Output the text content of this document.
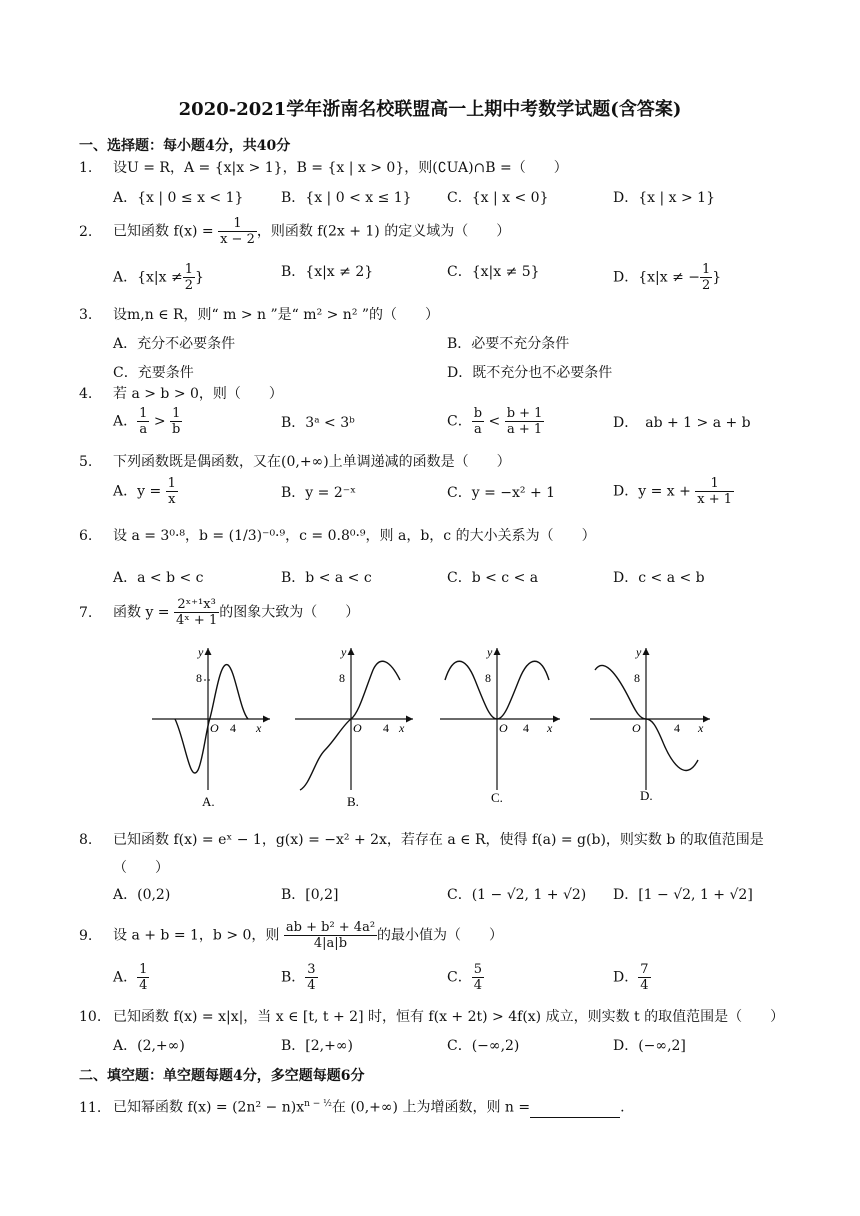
2020-2021学年浙南名校联盟高一上期中考数学试题(含答案)
一、选择题：每小题4分，共40分
1. 设U = R，A = {x|x > 1}，B = {x | x > 0}，则(∁UA)∩B =（　　）
A．{x | 0 ≤ x < 1}	B．{x | 0 < x ≤ 1}	C．{x | x < 0}	D．{x | x > 1}
2. 已知函数 $f(x) = \frac{1}{x - 2}$ ，则函数 f(2x + 1) 的定义域为（　　）
A．{$x|x \ne \frac{1}{2}$ }	B．{x|x ≠ 2}	C．{x|x ≠ 5}	D．{x|x ≠ − $\frac{1}{2}$ }
3. 设m,n ∈ R，则“ m > n ”是“ m² > n² ”的（　　）
A．充分不必要条件	B．必要不充分条件
C．充要条件	D．既不充分也不必要条件
4. 若 a > b > 0，则（　　）
A． $\frac{1}{a} > \frac{1}{b}$	B．3ᵃ < 3ᵇ	C． $\frac{b}{a} < \frac{b + 1}{a + 1}$	D．　ab + 1 > a + b
5. 下列函数既是偶函数，又在(0,+∞)上单调递减的函数是（　　）
A．$y = \frac{1}{x}$	B．y = 2⁻ˣ	C．y = −x² + 1	D．$y = x + \frac{1}{x + 1}$
6. 设 a = 3⁰·⁸，b = (1/3)⁻⁰·⁹，c = 0.8⁰·⁹，则 a，b，c 的大小关系为（　　）
A．a < b < c	B．b < a < c	C．b < c < a	D．c < a < b
7. 函数 $y = \frac{\text{2ˣ⁺¹x³}}{\text{4ˣ + 1}}$ 的图象大致为（　　）
y
8
O 4 x
A.
y
8
O 4 x
B.
y
8
O 4 x
C.
y
8
O	4 x
D.
8. 已知函数 f(x) = eˣ − 1，g(x) = −x² + 2x，若存在 a ∈ R，使得 f(a) = g(b)，则实数 b 的取值范围是
（　　）
A．(0,2)	B．[0,2]	C．(1 − √2, 1 + √2) D．[1 − √2, 1 + √2]
9. 设 a + b = 1，b > 0，则 $\frac{\text{ab + b² + 4a²}}{4|a|b}$ 的最小值为（　　）
A． $\frac{1}{4}$	B． $\frac{3}{4}$	C． $\frac{5}{4}$	D． $\frac{7}{4}$
10. 已知函数 f(x) = x|x|，当 x ∈ [t, t + 2] 时，恒有 f(x + 2t) > 4f(x) 成立，则实数 t 的取值范围是（　　）
A．(2,+∞)	B．[2,+∞)	C．(−∞,2)	D．(−∞,2]
二、填空题：单空题每题4分，多空题每题6分
11. 已知幂函数 $f(x) = (2n^2 - n)x^{n - \frac{1}{2}}$在 (0,+∞) 上为增函数，则 n =	.
